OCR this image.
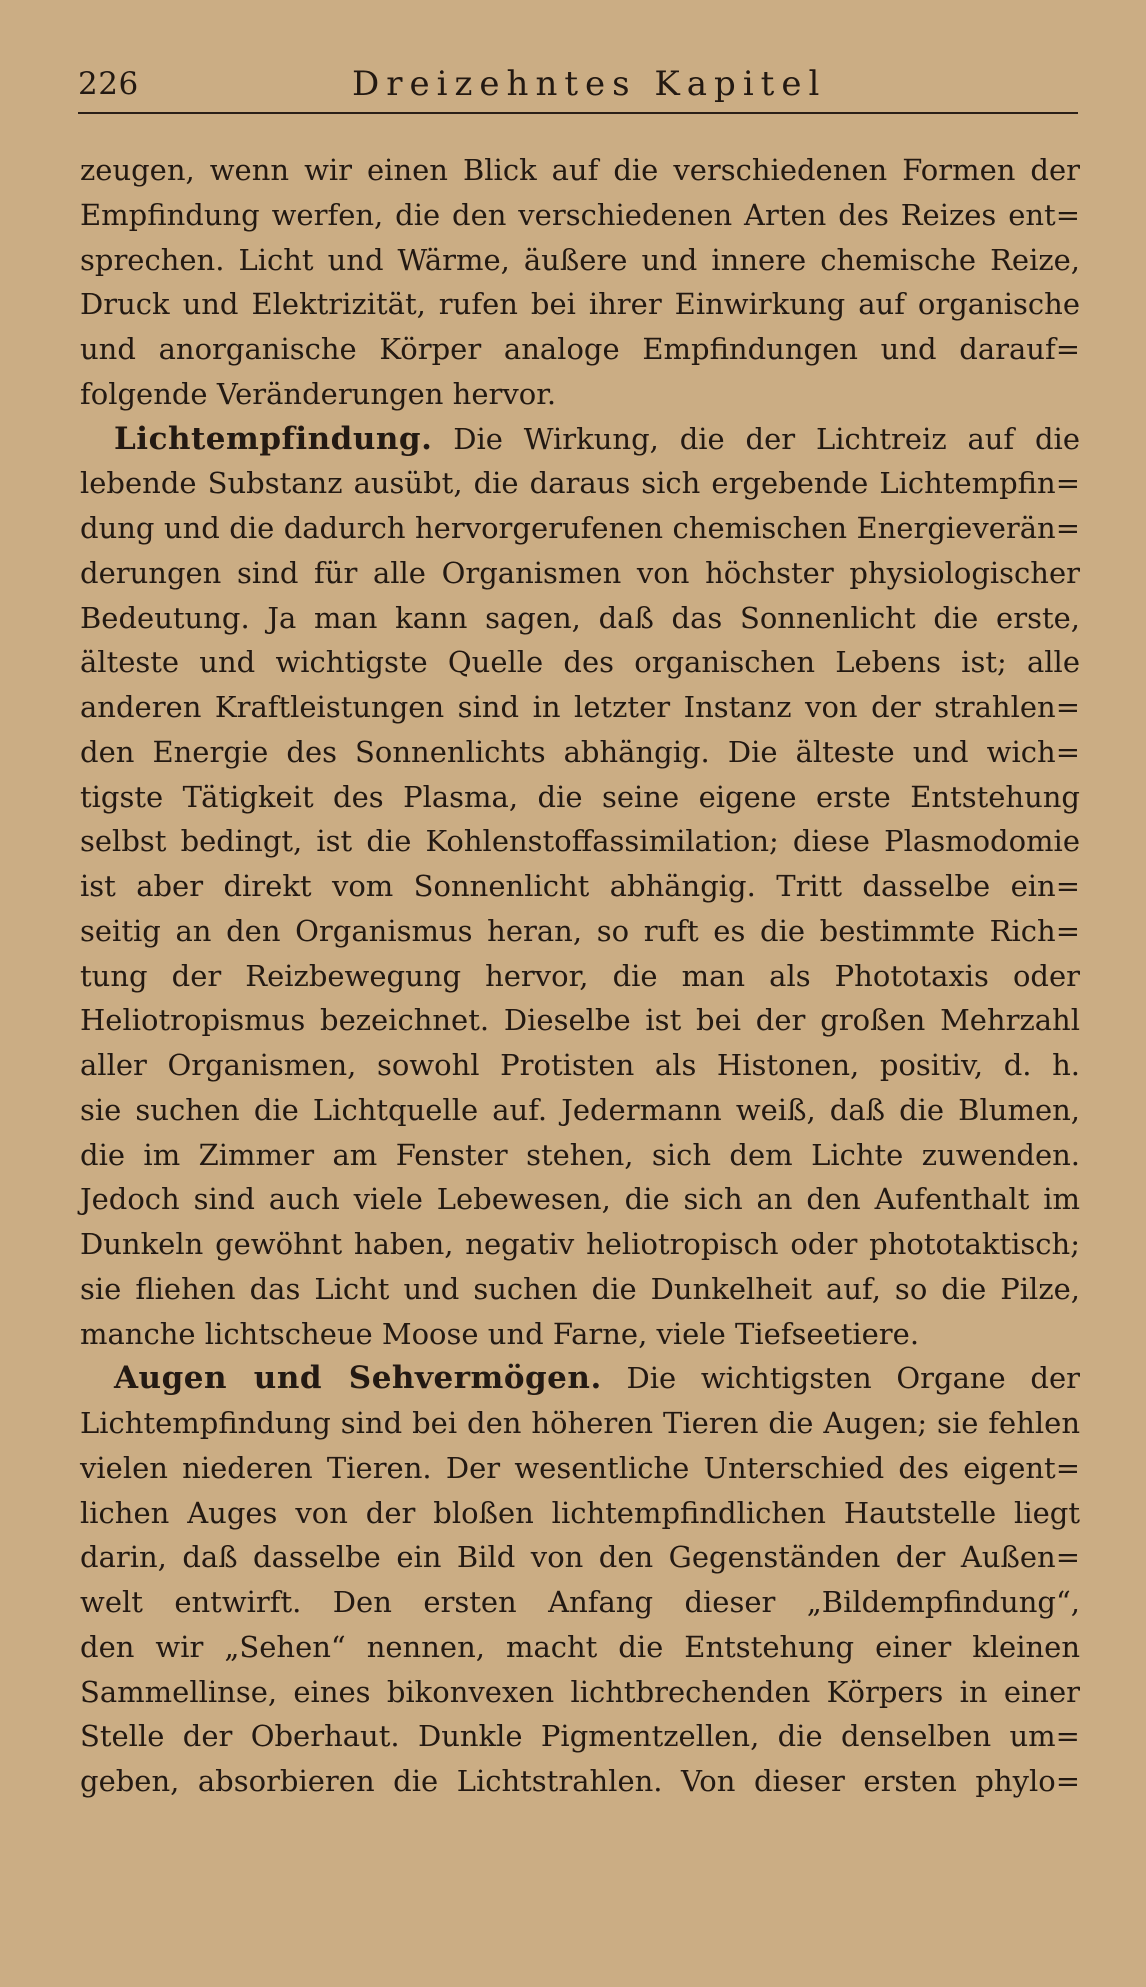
226	Dreizehntes Kapitel
zeugen, wenn wir einen Blick auf die verschiedenen Formen der
Empfindung werfen, die den verschiedenen Arten des Reizes ent=
sprechen. Licht und Wärme, äußere und innere chemische Reize,
Druck und Elektrizität, rufen bei ihrer Einwirkung auf organische
und anorganische Körper analoge Empfindungen und darauf=
folgende Veränderungen hervor.
Lichtempfindung. Die Wirkung, die der Lichtreiz auf die
lebende Substanz ausübt, die daraus sich ergebende Lichtempfin=
dung und die dadurch hervorgerufenen chemischen Energieverän=
derungen sind für alle Organismen von höchster physiologischer
Bedeutung. Ja man kann sagen, daß das Sonnenlicht die erste,
älteste und wichtigste Quelle des organischen Lebens ist; alle
anderen Kraftleistungen sind in letzter Instanz von der strahlen=
den Energie des Sonnenlichts abhängig. Die älteste und wich=
tigste Tätigkeit des Plasma, die seine eigene erste Entstehung
selbst bedingt, ist die Kohlenstoffassimilation; diese Plasmodomie
ist aber direkt vom Sonnenlicht abhängig. Tritt dasselbe ein=
seitig an den Organismus heran, so ruft es die bestimmte Rich=
tung der Reizbewegung hervor, die man als Phototaxis oder
Heliotropismus bezeichnet. Dieselbe ist bei der großen Mehrzahl
aller Organismen, sowohl Protisten als Histonen, positiv, d. h.
sie suchen die Lichtquelle auf. Jedermann weiß, daß die Blumen,
die im Zimmer am Fenster stehen, sich dem Lichte zuwenden.
Jedoch sind auch viele Lebewesen, die sich an den Aufenthalt im
Dunkeln gewöhnt haben, negativ heliotropisch oder phototaktisch;
sie fliehen das Licht und suchen die Dunkelheit auf, so die Pilze,
manche lichtscheue Moose und Farne, viele Tiefseetiere.
Augen und Sehvermögen. Die wichtigsten Organe der
Lichtempfindung sind bei den höheren Tieren die Augen; sie fehlen
vielen niederen Tieren. Der wesentliche Unterschied des eigent=
lichen Auges von der bloßen lichtempfindlichen Hautstelle liegt
darin, daß dasselbe ein Bild von den Gegenständen der Außen=
welt entwirft. Den ersten Anfang dieser „Bildempfindung“,
den wir „Sehen“ nennen, macht die Entstehung einer kleinen
Sammellinse, eines bikonvexen lichtbrechenden Körpers in einer
Stelle der Oberhaut. Dunkle Pigmentzellen, die denselben um=
geben, absorbieren die Lichtstrahlen. Von dieser ersten phylo=
